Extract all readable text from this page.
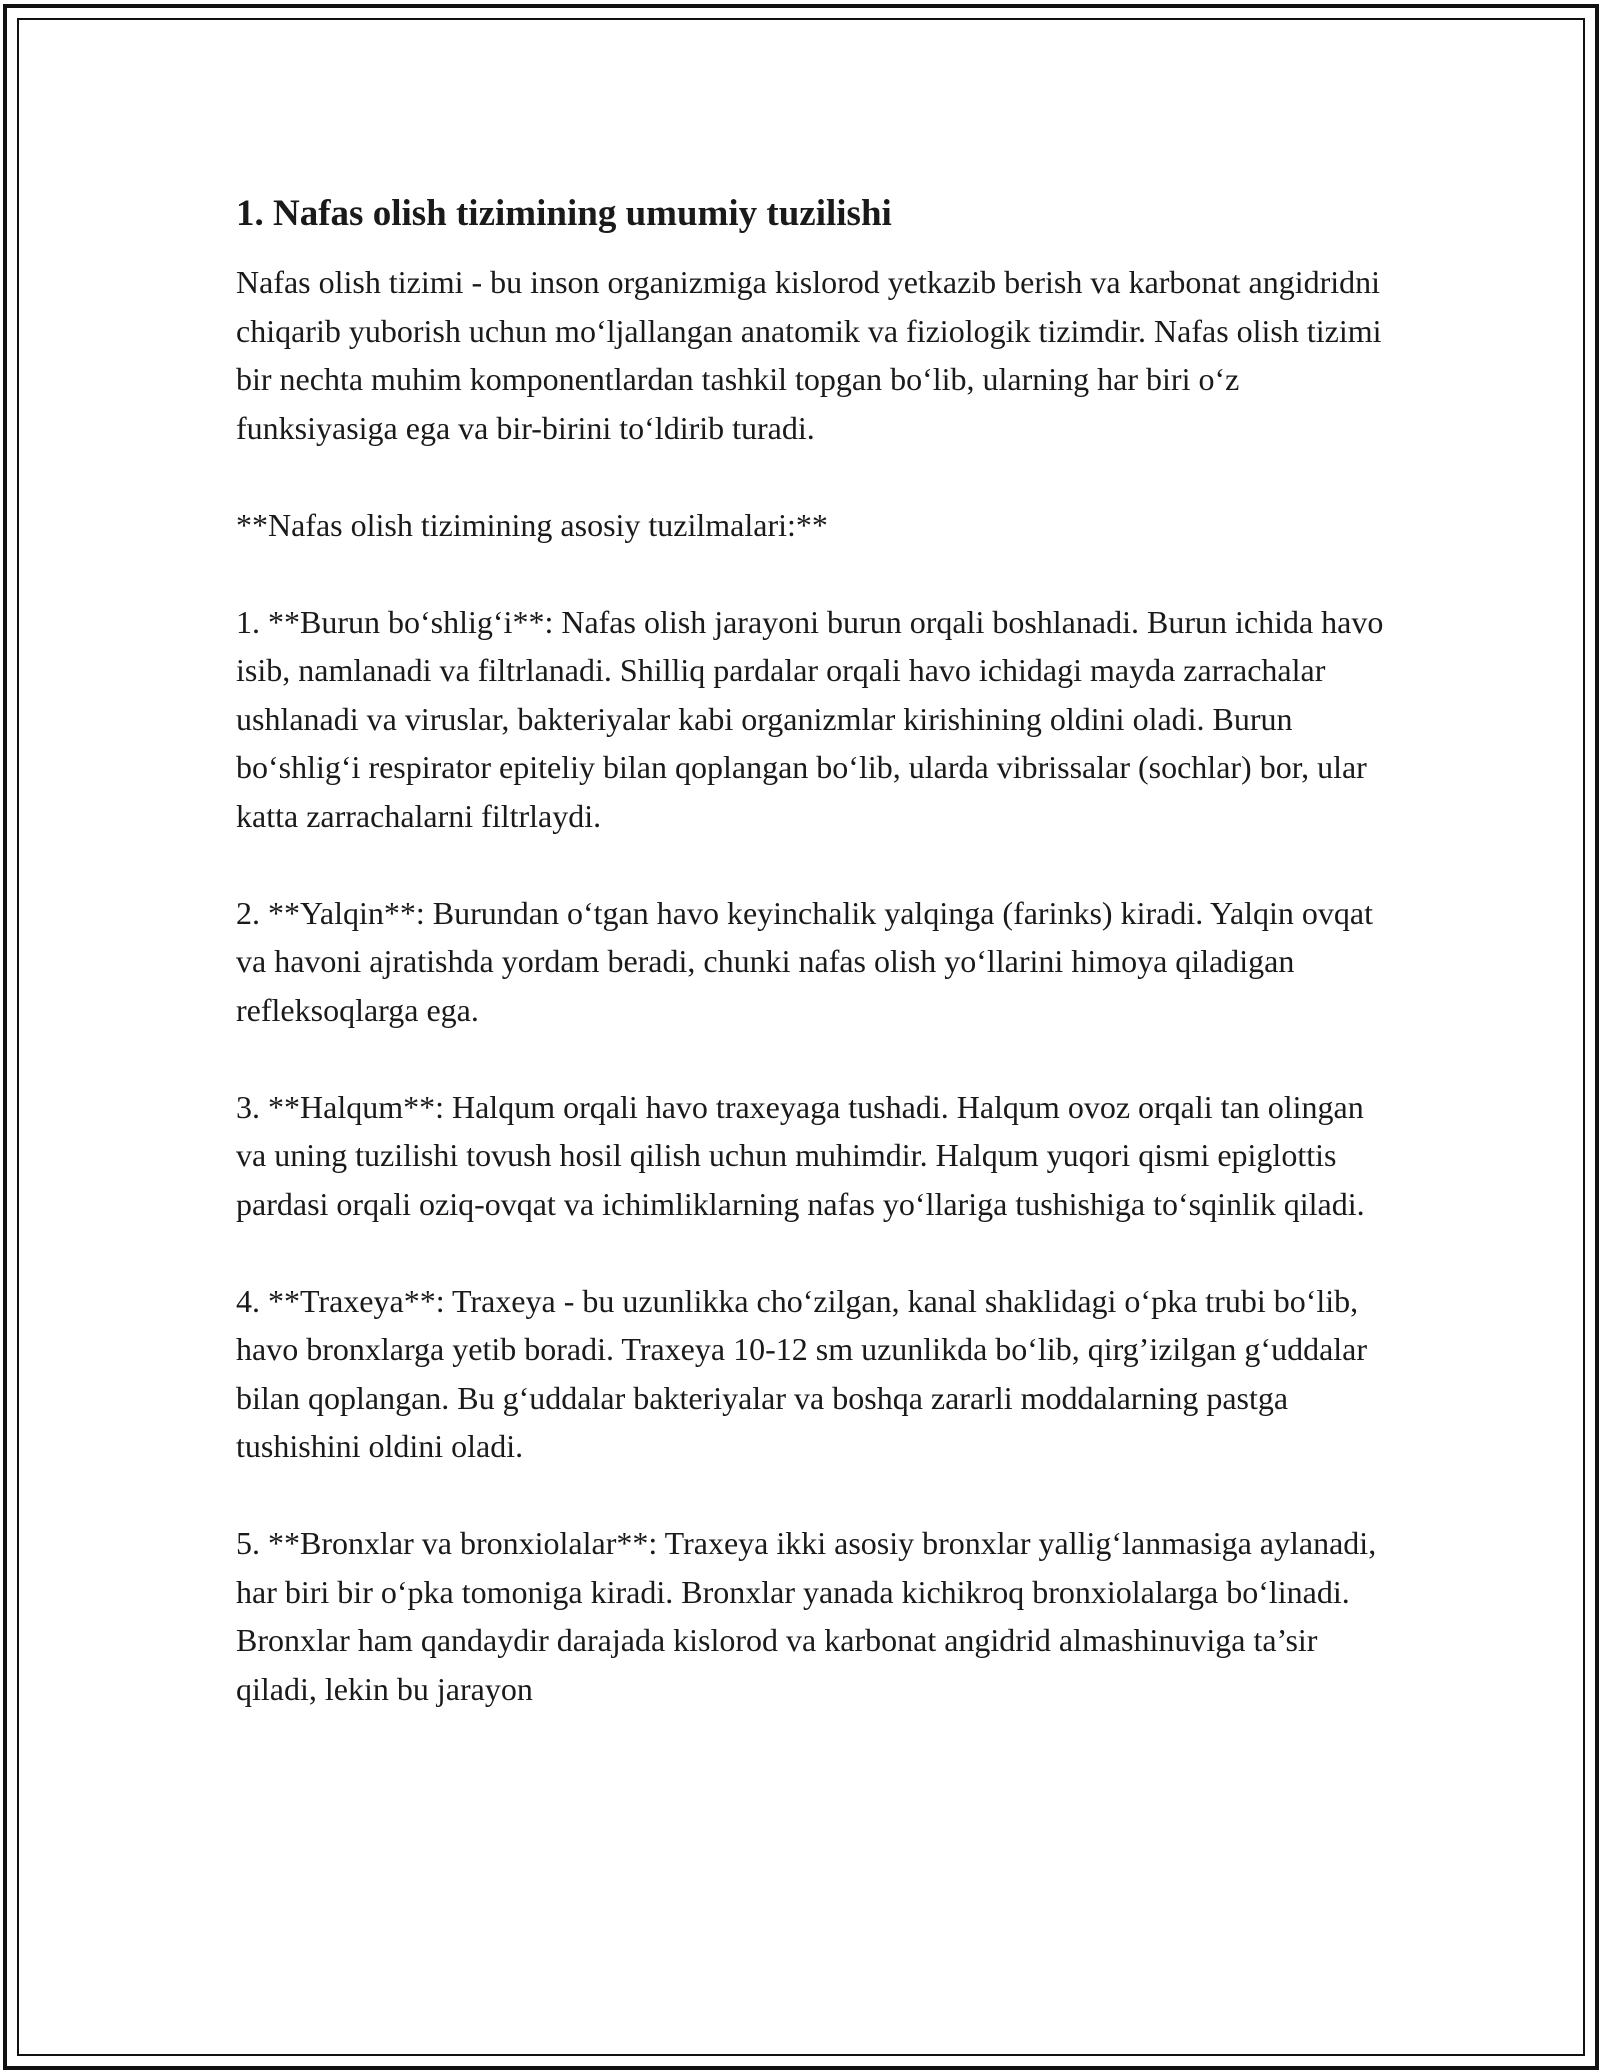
1. Nafas olish tizimining umumiy tuzilishi

Nafas olish tizimi - bu inson organizmiga kislorod yetkazib berish va karbonat angidridni chiqarib yuborish uchun mo‘ljallangan anatomik va fiziologik tizimdir. Nafas olish tizimi bir nechta muhim komponentlardan tashkil topgan bo‘lib, ularning har biri o‘z funksiyasiga ega va bir-birini to‘ldirib turadi.

**Nafas olish tizimining asosiy tuzilmalari:**

1. **Burun bo‘shlig‘i**: Nafas olish jarayoni burun orqali boshlanadi. Burun ichida havo isib, namlanadi va filtrlanadi. Shilliq pardalar orqali havo ichidagi mayda zarrachalar ushlanadi va viruslar, bakteriyalar kabi organizmlar kirishining oldini oladi. Burun bo‘shlig‘i respirator epiteliy bilan qoplangan bo‘lib, ularda vibrissalar (sochlar) bor, ular katta zarrachalarni filtrlaydi.

2. **Yalqin**: Burundan o‘tgan havo keyinchalik yalqinga (farinks) kiradi. Yalqin ovqat va havoni ajratishda yordam beradi, chunki nafas olish yo‘llarini himoya qiladigan refleksoqlarga ega.

3. **Halqum**: Halqum orqali havo traxeyaga tushadi. Halqum ovoz orqali tan olingan va uning tuzilishi tovush hosil qilish uchun muhimdir. Halqum yuqori qismi epiglottis pardasi orqali oziq-ovqat va ichimliklarning nafas yo‘llariga tushishiga to‘sqinlik qiladi.

4. **Traxeya**: Traxeya - bu uzunlikka cho‘zilgan, kanal shaklidagi o‘pka trubi bo‘lib, havo bronxlarga yetib boradi. Traxeya 10-12 sm uzunlikda bo‘lib, qirg’izilgan g‘uddalar bilan qoplangan. Bu g‘uddalar bakteriyalar va boshqa zararli moddalarning pastga tushishini oldini oladi.

5. **Bronxlar va bronxiolalar**: Traxeya ikki asosiy bronxlar yallig‘lanmasiga aylanadi, har biri bir o‘pka tomoniga kiradi. Bronxlar yanada kichikroq bronxiolalarga bo‘linadi. Bronxlar ham qandaydir darajada kislorod va karbonat angidrid almashinuviga ta’sir qiladi, lekin bu jarayon
